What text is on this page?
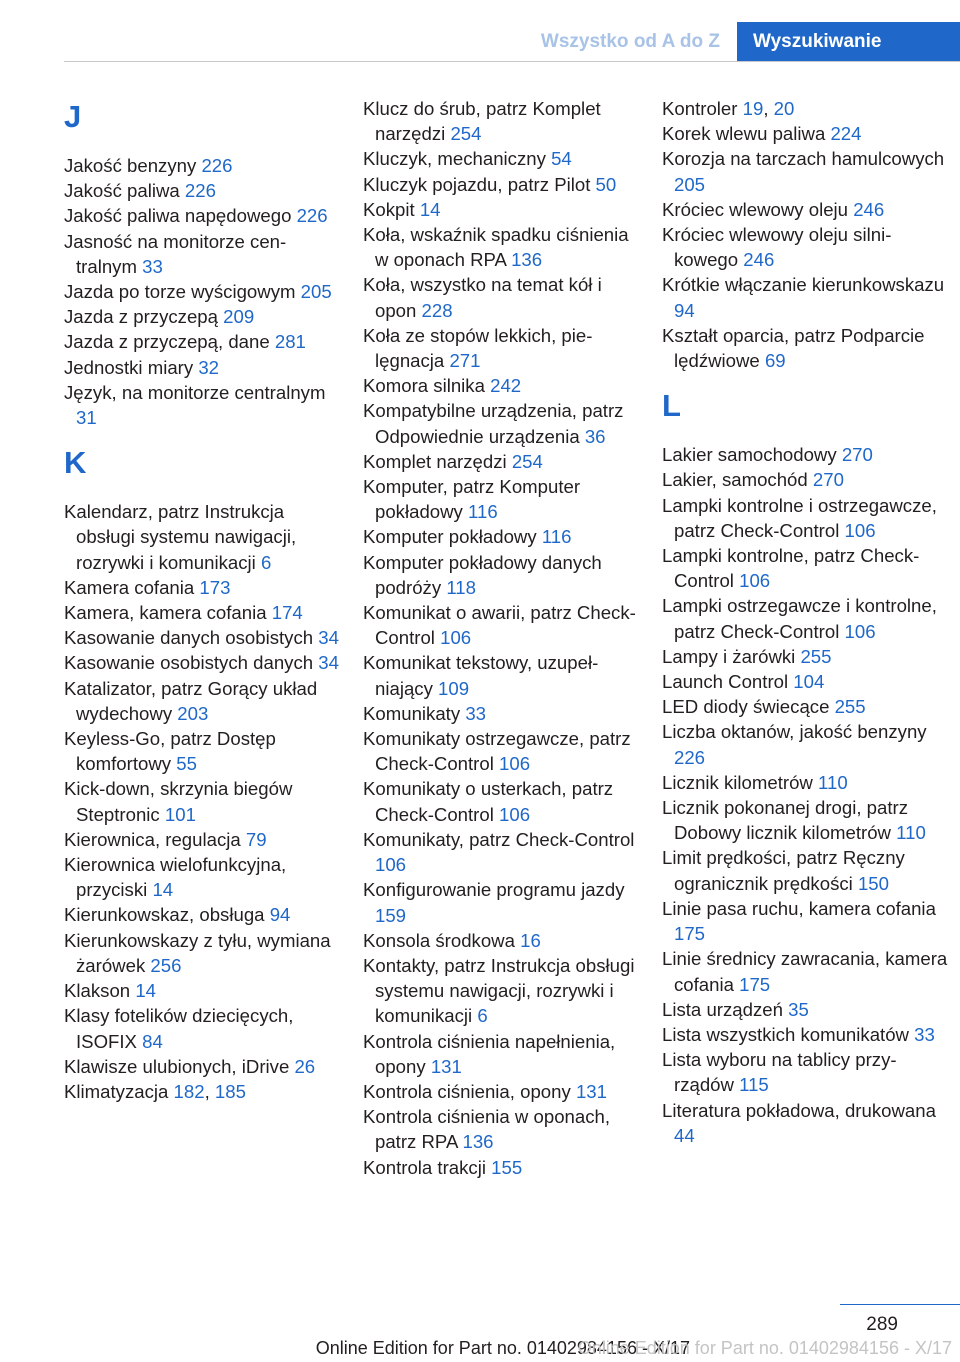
Wszystko od A do Z	Wyszukiwanie
J
Jakość benzyny 226
Jakość paliwa 226
Jakość paliwa napędowego 226
Jasność na monitorze centralnym 33
Jazda po torze wyścigowym 205
Jazda z przyczepą 209
Jazda z przyczepą, dane 281
Jednostki miary 32
Język, na monitorze centralnym 31
K
Kalendarz, patrz Instrukcja obsługi systemu nawigacji, rozrywki i komunikacji 6
Kamera cofania 173
Kamera, kamera cofania 174
Kasowanie danych osobistych 34
Kasowanie osobistych danych 34
Katalizator, patrz Gorący układ wydechowy 203
Keyless-Go, patrz Dostęp komfortowy 55
Kick-down, skrzynia biegów Steptronic 101
Kierownica, regulacja 79
Kierownica wielofunkcyjna, przyciski 14
Kierunkowskaz, obsługa 94
Kierunkowskazy z tyłu, wymiana żarówek 256
Klakson 14
Klasy fotelików dziecięcych, ISOFIX 84
Klawisze ulubionych, iDrive 26
Klimatyzacja 182, 185
Klucz do śrub, patrz Komplet narzędzi 254
Kluczyk, mechaniczny 54
Kluczyk pojazdu, patrz Pilot 50
Kokpit 14
Koła, wskaźnik spadku ciśnienia w oponach RPA 136
Koła, wszystko na temat kół i opon 228
Koła ze stopów lekkich, pielęgnacja 271
Komora silnika 242
Kompatybilne urządzenia, patrz Odpowiednie urządzenia 36
Komplet narzędzi 254
Komputer, patrz Komputer pokładowy 116
Komputer pokładowy 116
Komputer pokładowy danych podróży 118
Komunikat o awarii, patrz Check-Control 106
Komunikat tekstowy, uzupełniający 109
Komunikaty 33
Komunikaty ostrzegawcze, patrz Check-Control 106
Komunikaty o usterkach, patrz Check-Control 106
Komunikaty, patrz Check-Control 106
Konfigurowanie programu jazdy 159
Konsola środkowa 16
Kontakty, patrz Instrukcja obsługi systemu nawigacji, rozrywki i komunikacji 6
Kontrola ciśnienia napełnienia, opony 131
Kontrola ciśnienia, opony 131
Kontrola ciśnienia w oponach, patrz RPA 136
Kontrola trakcji 155
Kontroler 19, 20
Korek wlewu paliwa 224
Korozja na tarczach hamulcowych 205
Króciec wlewowy oleju 246
Króciec wlewowy oleju silnikowego 246
Krótkie włączanie kierunkowskazu 94
Kształt oparcia, patrz Podparcie lędźwiowe 69
L
Lakier samochodowy 270
Lakier, samochód 270
Lampki kontrolne i ostrzegawcze, patrz Check-Control 106
Lampki kontrolne, patrz Check-Control 106
Lampki ostrzegawcze i kontrolne, patrz Check-Control 106
Lampy i żarówki 255
Launch Control 104
LED diody świecące 255
Liczba oktanów, jakość benzyny 226
Licznik kilometrów 110
Licznik pokonanej drogi, patrz Dobowy licznik kilometrów 110
Limit prędkości, patrz Ręczny ogranicznik prędkości 150
Linie pasa ruchu, kamera cofania 175
Linie średnicy zawracania, kamera cofania 175
Lista urządzeń 35
Lista wszystkich komunikatów 33
Lista wyboru na tablicy przyrządów 115
Literatura pokładowa, drukowana 44
289
Online Edition for Part no. 01402984156 - X/17
Online Edition for Part no. 01402984156 - X/17
